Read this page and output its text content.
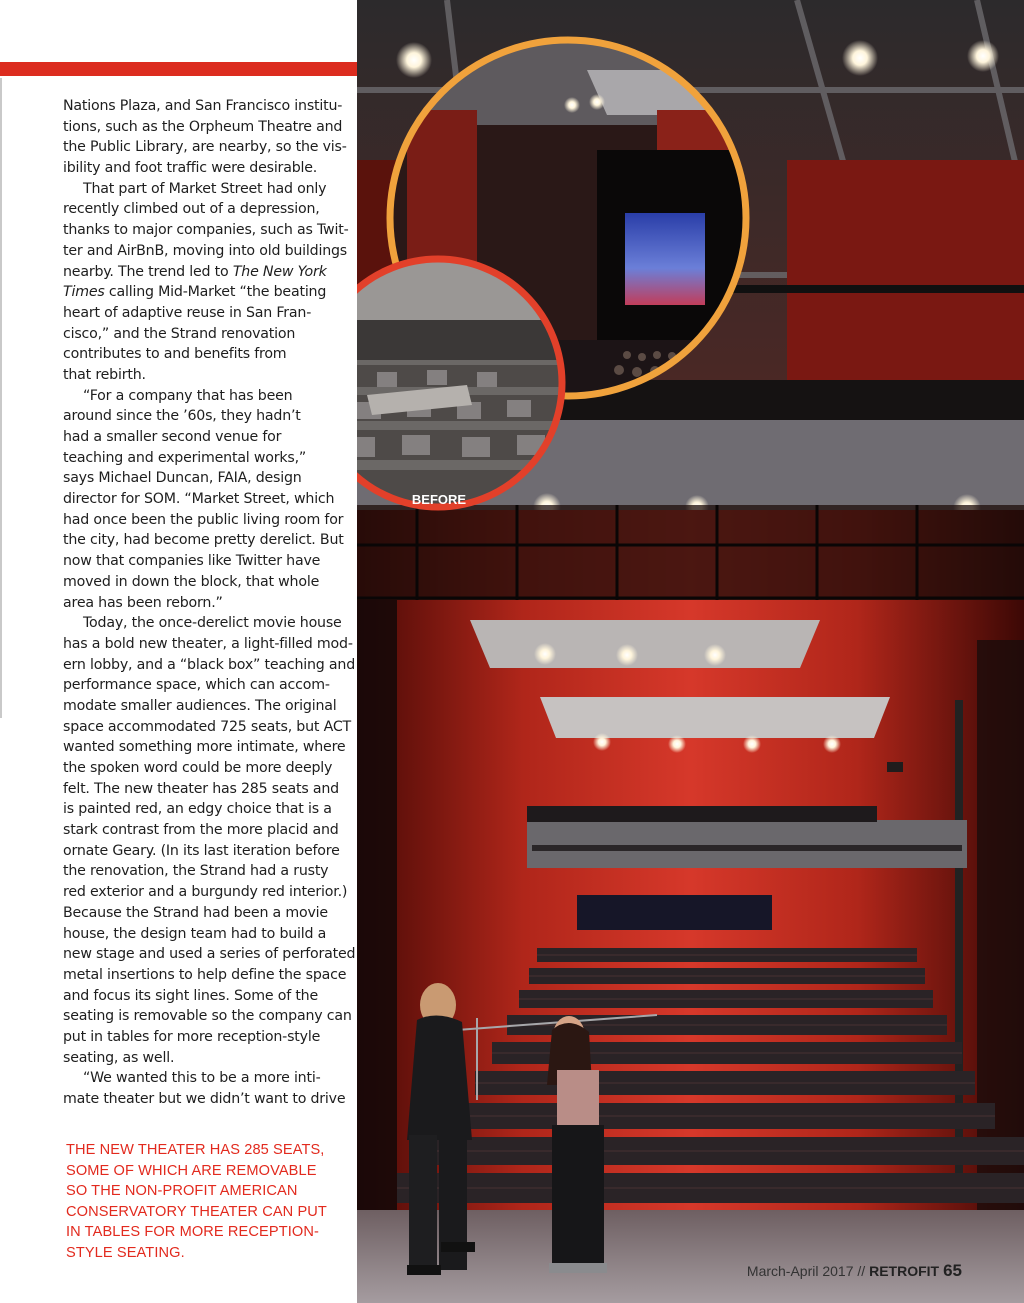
Nations Plaza, and San Francisco institu-
tions, such as the Orpheum Theatre and
the Public Library, are nearby, so the vis-
ibility and foot traffic were desirable.
That part of Market Street had only
recently climbed out of a depression,
thanks to major companies, such as Twit-
ter and AirBnB, moving into old buildings
nearby. The trend led to The New York
Times calling Mid-Market “the beating
heart of adaptive reuse in San Fran-
cisco,” and the Strand renovation
contributes to and benefits from
that rebirth.
“For a company that has been
around since the ’60s, they hadn’t
had a smaller second venue for
teaching and experimental works,”
says Michael Duncan, FAIA, design
director for SOM. “Market Street, which
had once been the public living room for
the city, had become pretty derelict. But
now that companies like Twitter have
moved in down the block, that whole
area has been reborn.”
Today, the once-derelict movie house
has a bold new theater, a light-filled mod-
ern lobby, and a “black box” teaching and
performance space, which can accom-
modate smaller audiences. The original
space accommodated 725 seats, but ACT
wanted something more intimate, where
the spoken word could be more deeply
felt. The new theater has 285 seats and
is painted red, an edgy choice that is a
stark contrast from the more placid and
ornate Geary. (In its last iteration before
the renovation, the Strand had a rusty
red exterior and a burgundy red interior.)
Because the Strand had been a movie
house, the design team had to build a
new stage and used a series of perforated
metal insertions to help define the space
and focus its sight lines. Some of the
seating is removable so the company can
put in tables for more reception-style
seating, as well.
“We wanted this to be a more inti-
mate theater but we didn’t want to drive
THE NEW THEATER HAS 285 SEATS,
SOME OF WHICH ARE REMOVABLE
SO THE NON-PROFIT AMERICAN
CONSERVATORY THEATER CAN PUT
IN TABLES FOR MORE RECEPTION-
STYLE SEATING.
BEFORE
March-April 2017 // RETROFIT 65
